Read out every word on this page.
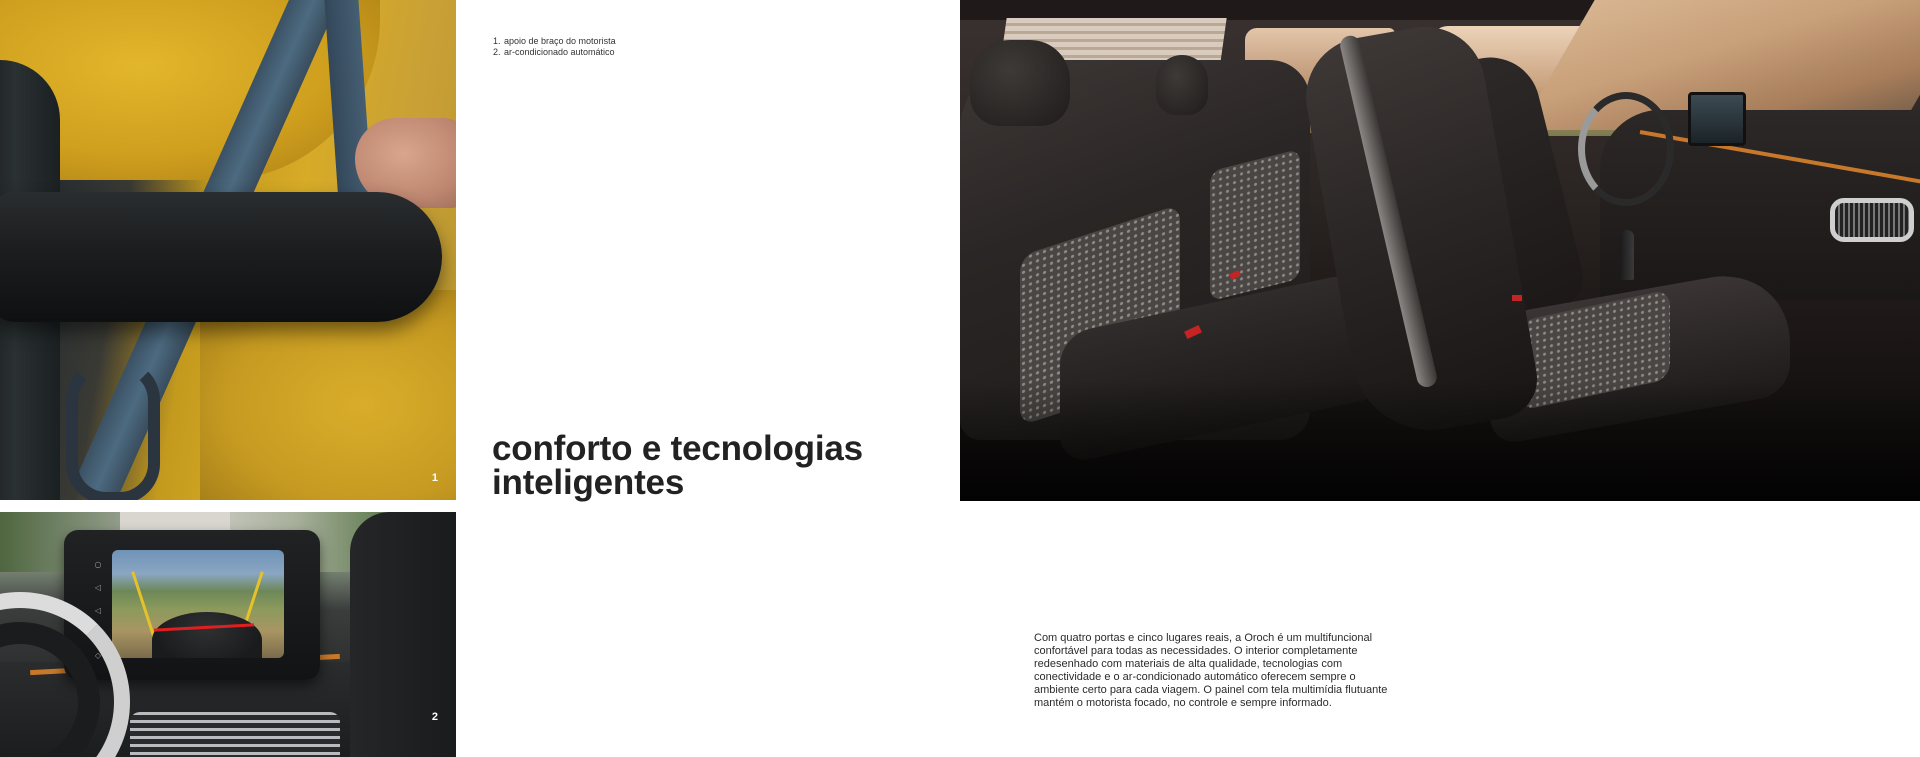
1
○
◁
◁
⌂
◇
2
1. apoio de braço do motorista
2. ar-condicionado automático
conforto e tecnologias
inteligentes

Com quatro portas e cinco lugares reais, a Oroch é um multifuncional confortável para todas as necessidades. O interior completamente redesenhado com materiais de alta qualidade, tecnologias com conectividade e o ar-condicionado automático oferecem sempre o ambiente certo para cada viagem. O painel com tela multimídia flutuante mantém o motorista focado, no controle e sempre informado.
